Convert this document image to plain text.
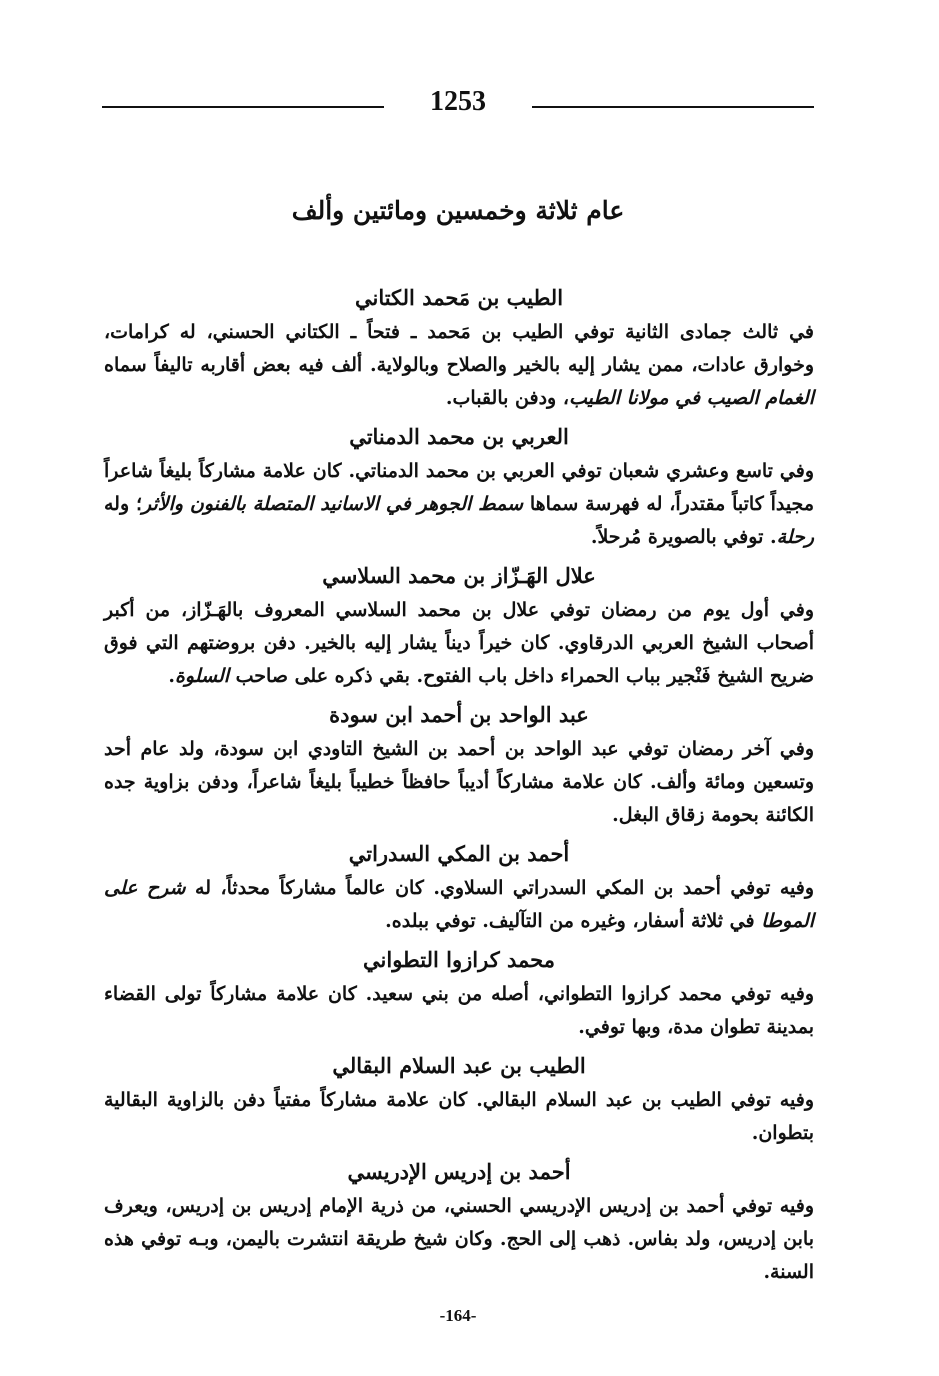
1253
عام ثلاثة وخمسين ومائتين وألف
الطيب بن مَحمد الكتاني

في ثالث جمادى الثانية توفي الطيب بن مَحمد ـ فتحاً ـ الكتاني الحسني، له كرامات، وخوارق عادات، ممن يشار إليه بالخير والصلاح وبالولاية. ألف فيه بعض أقاربه تاليفاً سماه الغمام الصيب في مولانا الطيب، ودفن بالقباب.

العربي بن محمد الدمناتي

وفي تاسع وعشري شعبان توفي العربي بن محمد الدمناتي. كان علامة مشاركاً بليغاً شاعراً مجيداً كاتباً مقتدراً، له فهرسة سماها سمط الجوهر في الاسانيد المتصلة بالفنون والأثر؛ وله رحلة. توفي بالصويرة مُرحلاً.

علال الهَـزّاز بن محمد السلاسي

وفي أول يوم من رمضان توفي علال بن محمد السلاسي المعروف بالهَـزّاز، من أكبر أصحاب الشيخ العربي الدرقاوي. كان خيراً ديناً يشار إليه بالخير. دفن بروضتهم التي فوق ضريح الشيخ فَنْجير بباب الحمراء داخل باب الفتوح. بقي ذكره على صاحب السلوة.

عبد الواحد بن أحمد ابن سودة

وفي آخر رمضان توفي عبد الواحد بن أحمد بن الشيخ التاودي ابن سودة، ولد عام أحد وتسعين ومائة وألف. كان علامة مشاركاً أديباً حافظاً خطيباً بليغاً شاعراً، ودفن بزاوية جده الكائنة بحومة زقاق البغل.

أحمد بن المكي السدراتي

وفيه توفي أحمد بن المكي السدراتي السلاوي. كان عالماً مشاركاً محدثاً، له شرح على الموطا في ثلاثة أسفار، وغيره من التآليف. توفي ببلده.

محمد كرازوا التطواني

وفيه توفي محمد كرازوا التطواني، أصله من بني سعيد. كان علامة مشاركاً تولى القضاء بمدينة تطوان مدة، وبها توفي.

الطيب بن عبد السلام البقالي

وفيه توفي الطيب بن عبد السلام البقالي. كان علامة مشاركاً مفتياً دفن بالزاوية البقالية بتطوان.

أحمد بن إدريس الإدريسي

وفيه توفي أحمد بن إدريس الإدريسي الحسني، من ذرية الإمام إدريس بن إدريس، ويعرف بابن إدريس، ولد بفاس. ذهب إلى الحج. وكان شيخ طريقة انتشرت باليمن، وبـه توفي هذه السنة.

-164-
